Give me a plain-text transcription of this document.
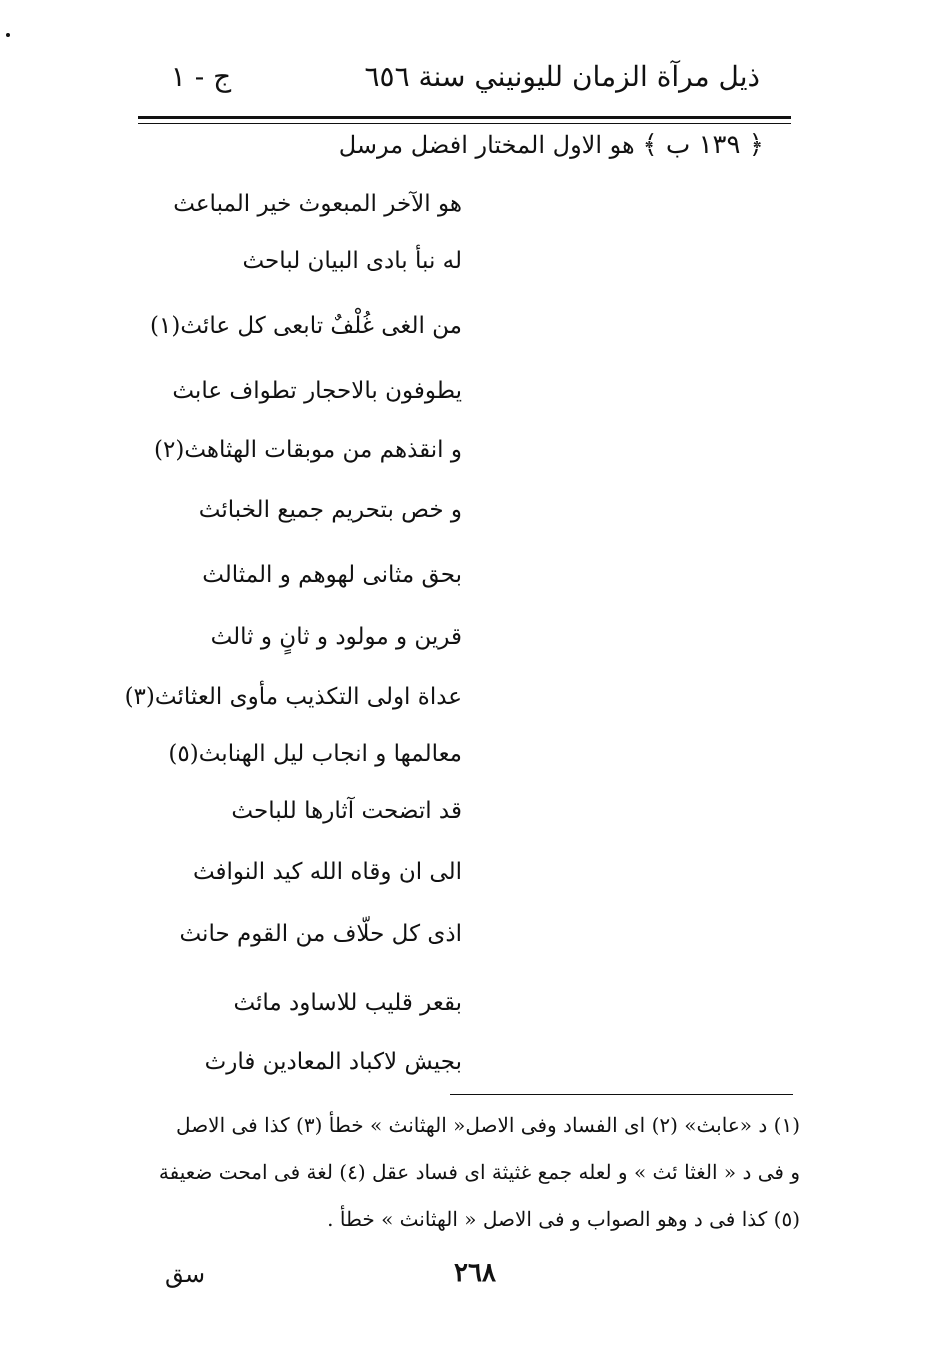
ذيل مرآة الزمان لليونيني سنة ٦٥٦
ج - ١
﴿ ١٣٩ ب ﴾ هو الاول المختار افضل مرسل
هو الآخر المبعوث خير المباعث
له نبأ بادى البيان لباحث
من الغى غُلْفٌ تابعى كل عائث(١)
يطوفون بالاحجار تطواف عابث
و انقذهم من موبقات الهثاهث(٢)
و خص بتحريم جميع الخبائث
بحق مثانى لهوهم و المثالث
قرين و مولود و ثانٍ و ثالث
عداة اولى التكذيب مأوى العثائث(٣)
معالمها و انجاب ليل الهنابث(٥)
قد اتضحت آثارها للباحث
الى ان وقاه الله كيد النوافث
اذى كل حلّاف من القوم حانث
بقعر قليب للاساود مائث
بجيش لاكباد المعادين فارث
(١) د «عابث» (٢) اى الفساد وفى الاصل« الهثانث » خطأ (٣) كذا فى الاصل
و فى د « الغثا ئث » و لعله جمع غثيثة اى فساد عقل (٤) لغة فى امحت ضعيفة
(٥) كذا فى د وهو الصواب و فى الاصل « الهثانث » خطأ .
٢٦٨
سق
